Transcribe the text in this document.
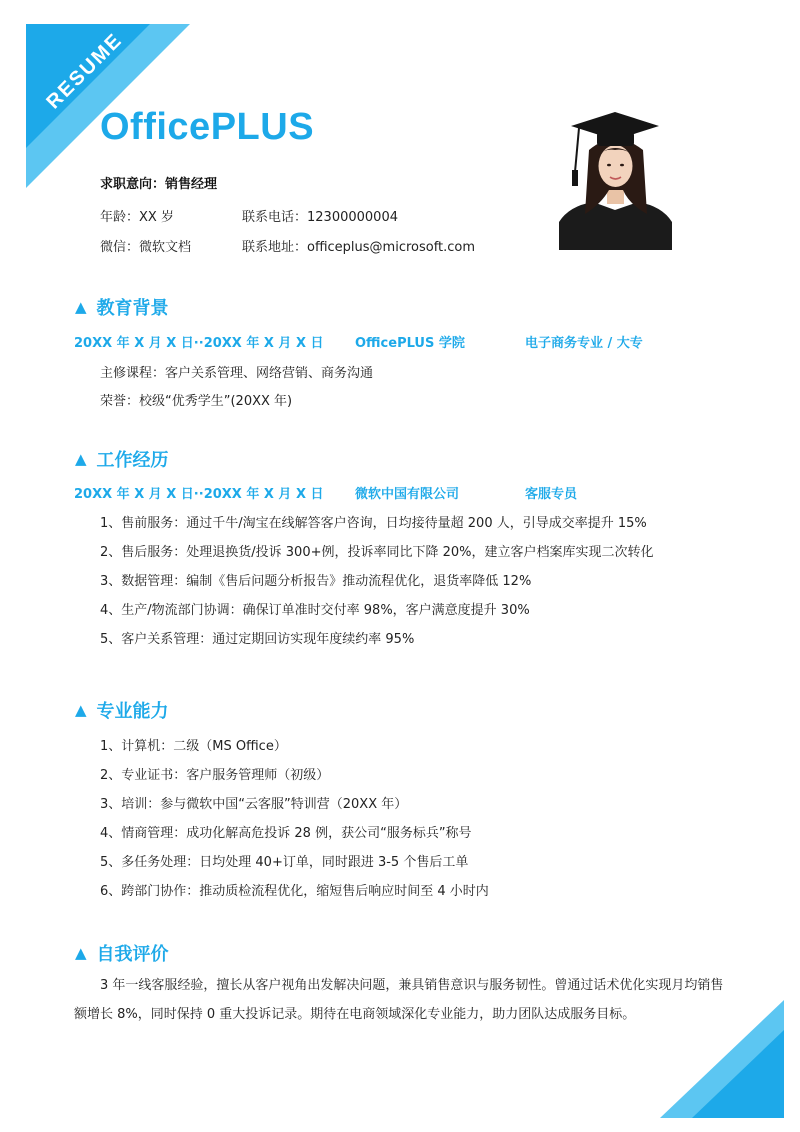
RESUME
OfficePLUS
求职意向：销售经理
年龄：XX 岁	联系电话：12300000004
微信：微软文档	联系地址：officeplus@microsoft.com
▲ 教育背景
20XX 年 X 月 X 日··20XX 年 X 月 X 日 OfficePLUS 学院	电子商务专业 / 大专
主修课程：客户关系管理、网络营销、商务沟通
荣誉：校级“优秀学生”(20XX 年)
▲ 工作经历
20XX 年 X 月 X 日··20XX 年 X 月 X 日 微软中国有限公司	客服专员
1、售前服务：通过千牛/淘宝在线解答客户咨询，日均接待量超 200 人，引导成交率提升 15%
2、售后服务：处理退换货/投诉 300+例，投诉率同比下降 20%，建立客户档案库实现二次转化
3、数据管理：编制《售后问题分析报告》推动流程优化，退货率降低 12%
4、生产/物流部门协调：确保订单准时交付率 98%，客户满意度提升 30%
5、客户关系管理：通过定期回访实现年度续约率 95%
▲ 专业能力
1、计算机：二级（MS Office）
2、专业证书：客户服务管理师（初级）
3、培训：参与微软中国“云客服”特训营（20XX 年）
4、情商管理：成功化解高危投诉 28 例，获公司“服务标兵”称号
5、多任务处理：日均处理 40+订单，同时跟进 3-5 个售后工单
6、跨部门协作：推动质检流程优化，缩短售后响应时间至 4 小时内
▲ 自我评价

3 年一线客服经验，擅长从客户视角出发解决问题，兼具销售意识与服务韧性。曾通过话术优化实现月均销售额增长 8%，同时保持 0 重大投诉记录。期待在电商领域深化专业能力，助力团队达成服务目标。
